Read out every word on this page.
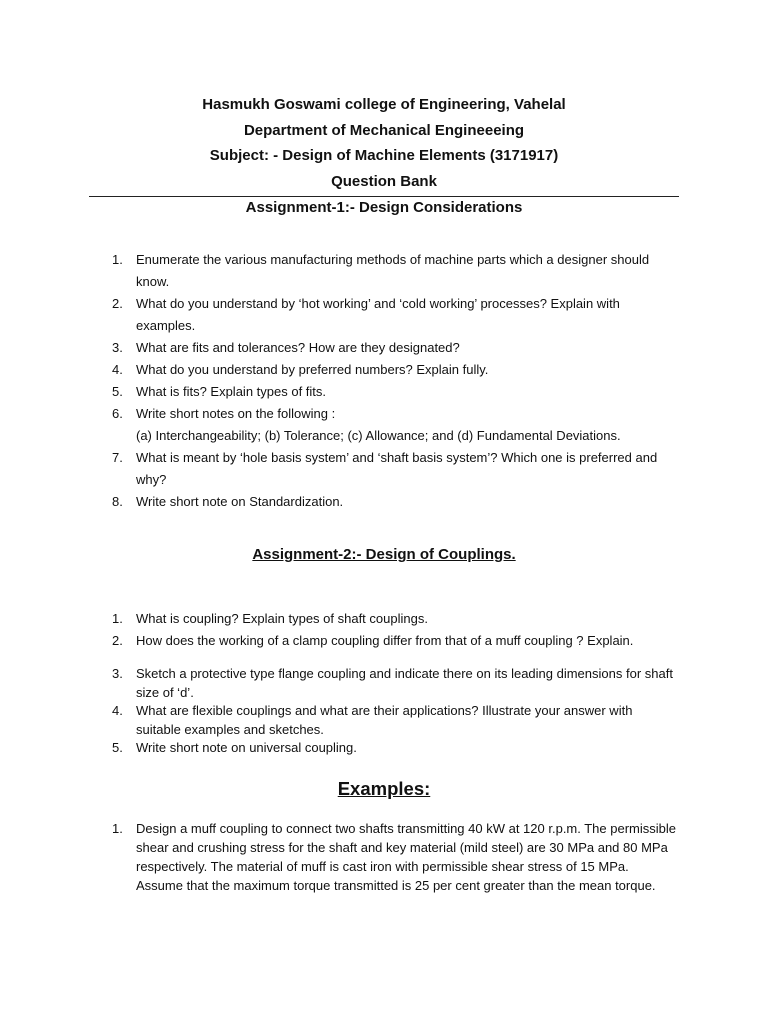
Hasmukh Goswami college of Engineering, Vahelal
Department of Mechanical Engineeeing
Subject: - Design of Machine Elements (3171917)
Question Bank
Assignment-1:- Design Considerations
1. Enumerate the various manufacturing methods of machine parts which a designer should know.
2. What do you understand by ‘hot working’ and ‘cold working’ processes? Explain with examples.
3. What are fits and tolerances? How are they designated?
4. What do you understand by preferred numbers? Explain fully.
5. What is fits? Explain types of fits.
6. Write short notes on the following :
(a) Interchangeability; (b) Tolerance; (c) Allowance; and (d) Fundamental Deviations.
7. What is meant by ‘hole basis system’ and ‘shaft basis system’? Which one is preferred and why?
8. Write short note on Standardization.
Assignment-2:- Design of Couplings.
1. What is coupling? Explain types of shaft couplings.
2. How does the working of a clamp coupling differ from that of a muff coupling ? Explain.
3. Sketch a protective type flange coupling and indicate there on its leading dimensions for shaft size of ‘d’.
4. What are flexible couplings and what are their applications? Illustrate your answer with suitable examples and sketches.
5. Write short note on universal coupling.
Examples:
1. Design a muff coupling to connect two shafts transmitting 40 kW at 120 r.p.m. The permissible shear and crushing stress for the shaft and key material (mild steel) are 30 MPa and 80 MPa respectively. The material of muff is cast iron with permissible shear stress of 15 MPa. Assume that the maximum torque transmitted is 25 per cent greater than the mean torque.
